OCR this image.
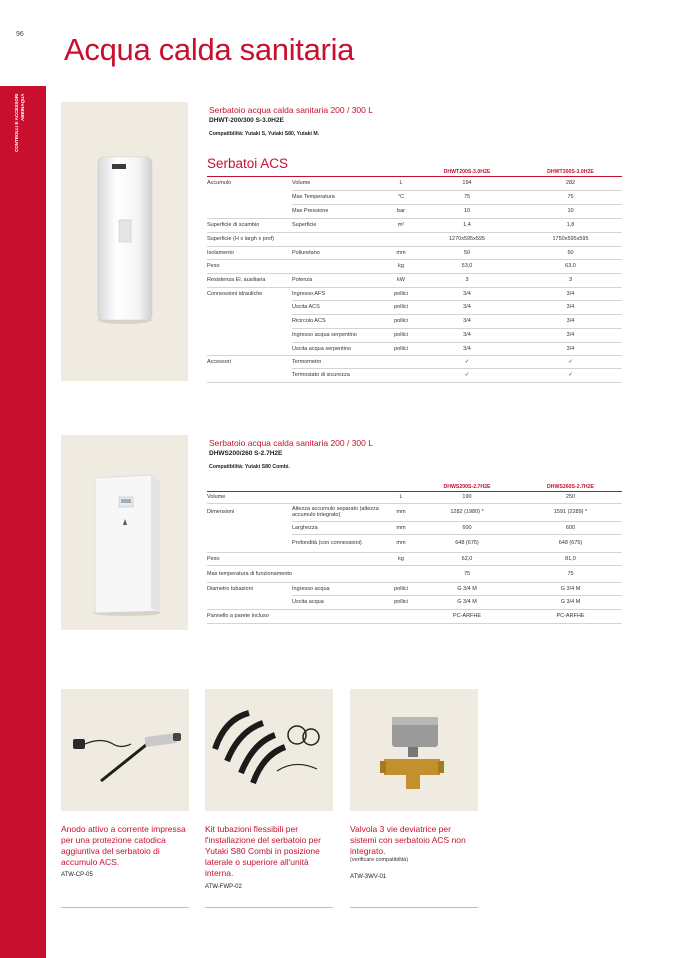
CONTROLLI E ACCESSORI ABBINAQUA
96 Acqua calda sanitaria
Serbatoio acqua calda sanitaria 200 / 300 L
DHWT-200/300 S-3.0H2E
Compatibilità: Yutaki S, Yutaki S80, Yutaki M.
Serbatoi ACS
			DHWT200S-3.0H2E	DHWT300S-3.0H2E
Accumulo	Volume	L	194	282
	Max Temperatura	°C	75	75
	Max Pressione	bar	10	10
Superficie di scambio	Superficie	m²	1,4	1,8
Superficie (H x largh x prof)			1270x595x595	1750x595x595
Isolamento	Poliuretano	mm	50	50
Peso		kg	53,0	63,0
Resistenza El. ausiliaria	Potenza	kW	3	3
Connessioni idrauliche	Ingresso AFS	pollici	3/4	3/4
	Uscita ACS	pollici	3/4	3/4
	Ricircolo ACS	pollici	3/4	3/4
	Ingresso acqua serpentino	pollici	3/4	3/4
	Uscita acqua serpentino	pollici	3/4	3/4
Accessori	Termometro		✓	✓
	Termostato di sicurezza		✓	✓
Serbatoio acqua calda sanitaria 200 / 300 L
DHWS200/260 S-2.7H2E
Compatibilità: Yutaki S80 Combi.
			DHWS200S-2.7H2E	DHWS260S-2.7H2E
Volume		L	190	250
Dimensioni	Altezza accumulo separato (altezza accumulo integrato)	mm	1282 (1980) *	1591 (2289) *
	Larghezza	mm	600	600
	Profondità (con connessioni)	mm	648 (675)	648 (675)
Peso		kg	62,0	81,0
Max temperatura di funzionamento			75	75
Diametro tubazioni	Ingresso acqua	pollici	G 3/4 M	G 3/4 M
	Uscita acqua	pollici	G 3/4 M	G 3/4 M
Pannello a parete incluso			PC-ARFHE	PC-ARFHE
Anodo attivo a corrente impressa per una protezione catodica aggiuntiva del serbatoio di accumulo ACS.
ATW-CP-05
Kit tubazioni flessibili per l'installazione del serbatoio per Yutaki S80 Combi in posizione laterale o superiore all'unità interna.
ATW-FWP-02
Valvola 3 vie deviatrice per sistemi con serbatoio ACS non integrato.
(verificare compatibilità)
ATW-3WV-01
